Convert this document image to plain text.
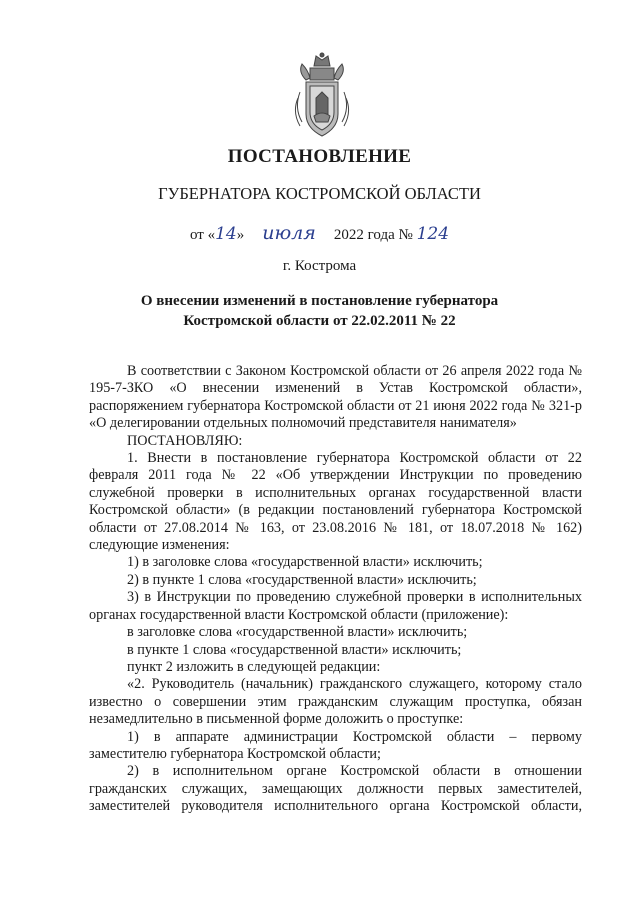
ПОСТАНОВЛЕНИЕ
ГУБЕРНАТОРА КОСТРОМСКОЙ ОБЛАСТИ
от «14» июля 2022 года № 124
г. Кострома
О внесении изменений в постановление губернатора
Костромской области от 22.02.2011 № 22

В соответствии с Законом Костромской области от 26 апреля 2022 года № 195-7-ЗКО «О внесении изменений в Устав Костромской области», распоряжением губернатора Костромской области от 21 июня 2022 года № 321-р «О делегировании отдельных полномочий представителя нанимателя»

ПОСТАНОВЛЯЮ:

1. Внести в постановление губернатора Костромской области от 22 февраля 2011 года № 22 «Об утверждении Инструкции по проведению служебной проверки в исполнительных органах государственной власти Костромской области» (в редакции постановлений губернатора Костромской области от 27.08.2014 № 163, от 23.08.2016 № 181, от 18.07.2018 № 162) следующие изменения:

1) в заголовке слова «государственной власти» исключить;

2) в пункте 1 слова «государственной власти» исключить;

3) в Инструкции по проведению служебной проверки в исполнительных органах государственной власти Костромской области (приложение):

в заголовке слова «государственной власти» исключить;

в пункте 1 слова «государственной власти» исключить;

пункт 2 изложить в следующей редакции:

«2. Руководитель (начальник) гражданского служащего, которому стало известно о совершении этим гражданским служащим проступка, обязан незамедлительно в письменной форме доложить о проступке:

1) в аппарате администрации Костромской области – первому заместителю губернатора Костромской области;

2) в исполнительном органе Костромской области в отношении гражданских служащих, замещающих должности первых заместителей, заместителей руководителя исполнительного органа Костромской области,
